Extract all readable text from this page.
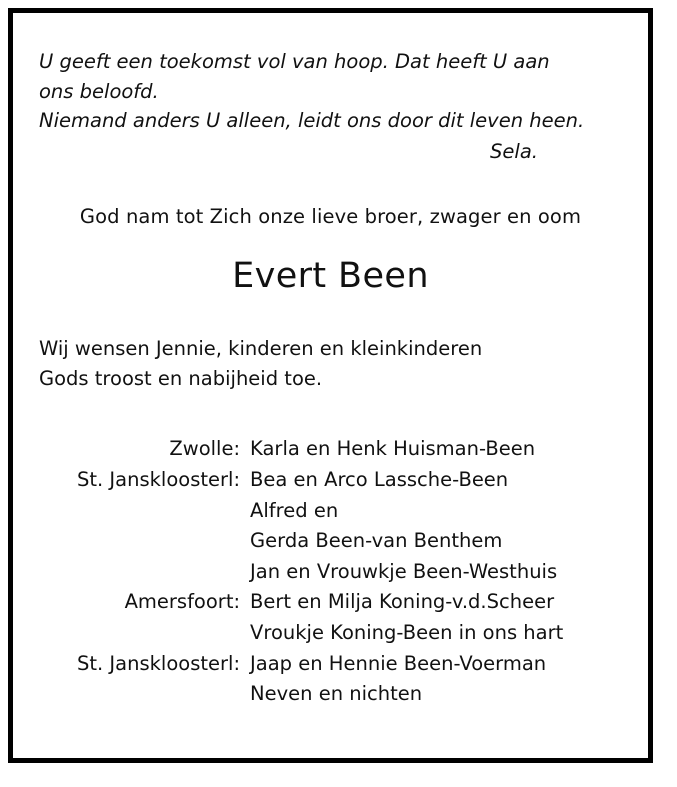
U geeft een toekomst vol van hoop. Dat heeft U aan
ons beloofd.
Niemand anders U alleen, leidt ons door dit leven heen.
Sela.
God nam tot Zich onze lieve broer, zwager en oom
Evert Been
Wij wensen Jennie, kinderen en kleinkinderen
Gods troost en nabijheid toe.
Zwolle:	Karla en Henk Huisman-Been
St. Janskloosterl:	Bea en Arco Lassche-Been
	Alfred en
	Gerda Been-van Benthem
	Jan en Vrouwkje Been-Westhuis
Amersfoort:	Bert en Milja Koning-v.d.Scheer
	Vroukje Koning-Been in ons hart
St. Janskloosterl:	Jaap en Hennie Been-Voerman
	Neven en nichten
